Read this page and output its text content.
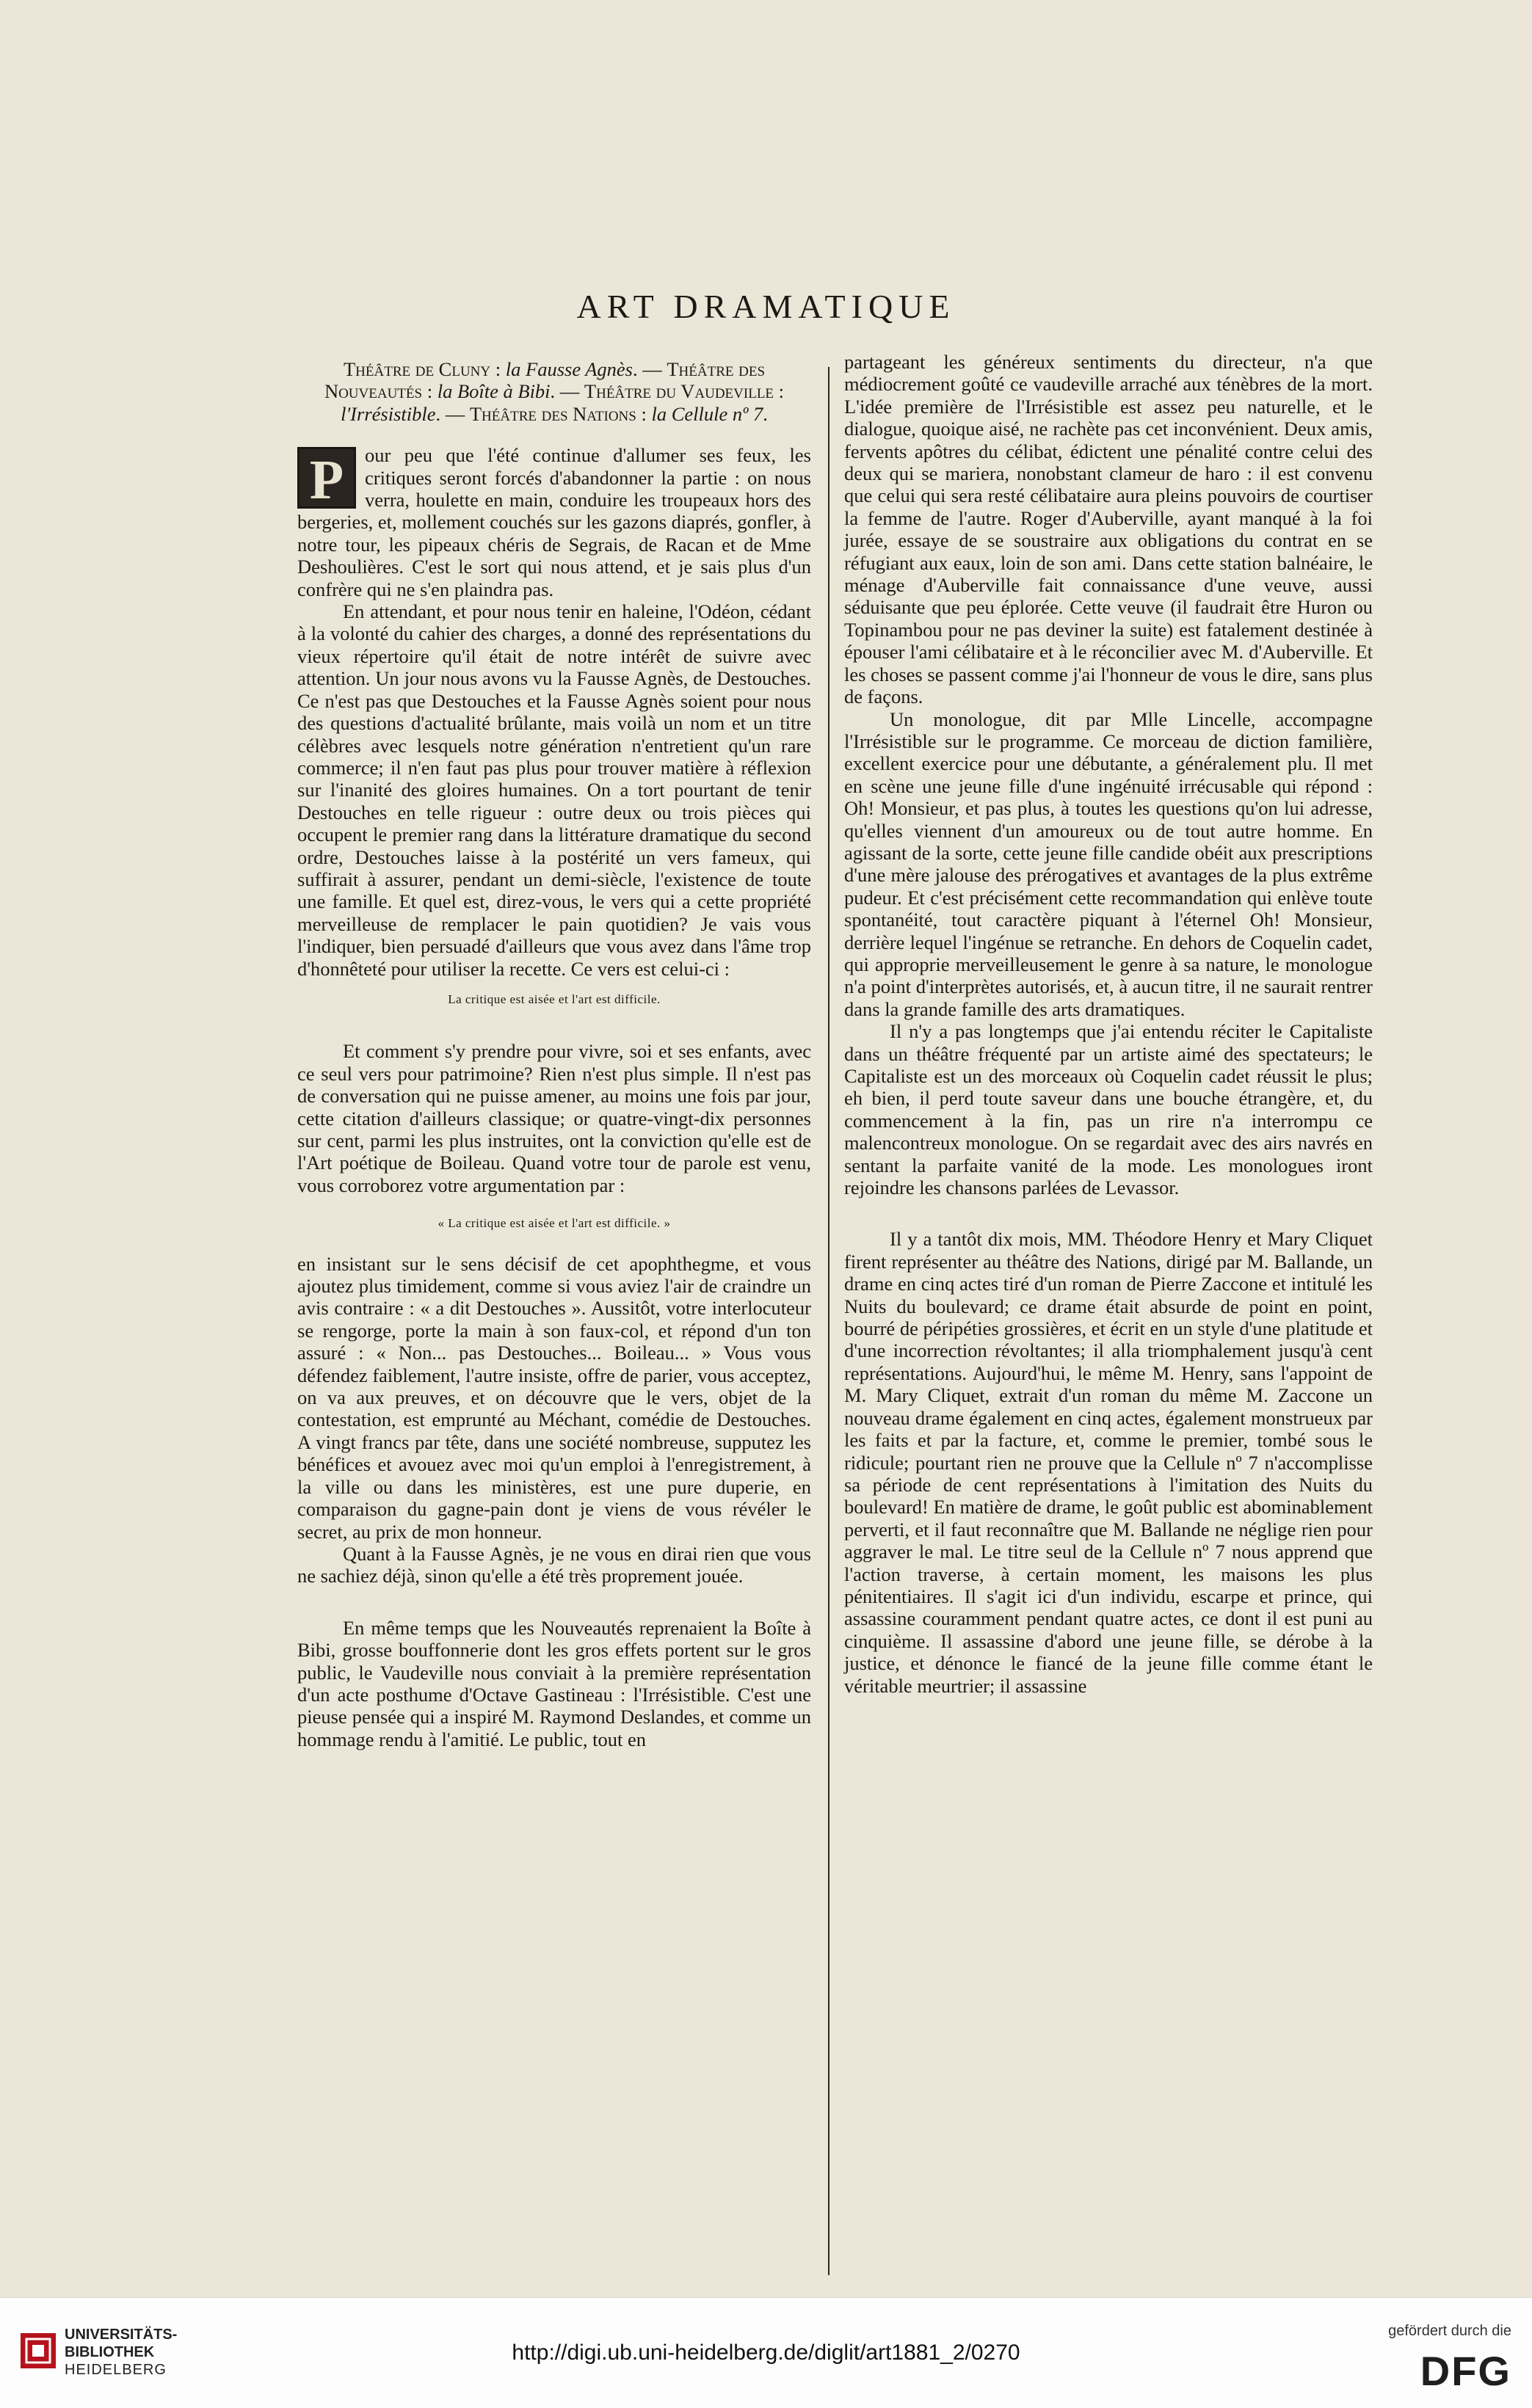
ART DRAMATIQUE

Théâtre de Cluny : la Fausse Agnès. — Théâtre des Nouveautés : la Boîte à Bibi. — Théâtre du Vaudeville : l'Irrésistible. — Théâtre des Nations : la Cellule nº 7.

P	our peu que l'été continue d'allumer ses feux, les critiques seront forcés d'abandonner la partie : on nous verra, houlette en main, conduire les troupeaux hors des bergeries, et, mollement couchés sur les gazons diaprés, gonfler, à notre tour, les pipeaux chéris de Segrais, de Racan et de Mme Deshoulières. C'est le sort qui nous attend, et je sais plus d'un confrère qui ne s'en plaindra pas.

En attendant, et pour nous tenir en haleine, l'Odéon, cédant à la volonté du cahier des charges, a donné des représentations du vieux répertoire qu'il était de notre intérêt de suivre avec attention. Un jour nous avons vu la Fausse Agnès, de Destouches. Ce n'est pas que Destouches et la Fausse Agnès soient pour nous des questions d'actualité brûlante, mais voilà un nom et un titre célèbres avec lesquels notre génération n'entretient qu'un rare commerce; il n'en faut pas plus pour trouver matière à réflexion sur l'inanité des gloires humaines. On a tort pourtant de tenir Destouches en telle rigueur : outre deux ou trois pièces qui occupent le premier rang dans la littérature dramatique du second ordre, Destouches laisse à la postérité un vers fameux, qui suffirait à assurer, pendant un demi-siècle, l'existence de toute une famille. Et quel est, direz-vous, le vers qui a cette propriété merveilleuse de remplacer le pain quotidien? Je vais vous l'indiquer, bien persuadé d'ailleurs que vous avez dans l'âme trop d'honnêteté pour utiliser la recette. Ce vers est celui-ci :

La critique est aisée et l'art est difficile.

Et comment s'y prendre pour vivre, soi et ses enfants, avec ce seul vers pour patrimoine? Rien n'est plus simple. Il n'est pas de conversation qui ne puisse amener, au moins une fois par jour, cette citation d'ailleurs classique; or quatre-vingt-dix personnes sur cent, parmi les plus instruites, ont la conviction qu'elle est de l'Art poétique de Boileau. Quand votre tour de parole est venu, vous corroborez votre argumentation par :

« La critique est aisée et l'art est difficile. »

en insistant sur le sens décisif de cet apophthegme, et vous ajoutez plus timidement, comme si vous aviez l'air de craindre un avis contraire : « a dit Destouches ». Aussitôt, votre interlocuteur se rengorge, porte la main à son faux-col, et répond d'un ton assuré : « Non... pas Destouches... Boileau... » Vous vous défendez faiblement, l'autre insiste, offre de parier, vous acceptez, on va aux preuves, et on découvre que le vers, objet de la contestation, est emprunté au Méchant, comédie de Destouches. A vingt francs par tête, dans une société nombreuse, supputez les bénéfices et avouez avec moi qu'un emploi à l'enregistrement, à la ville ou dans les ministères, est une pure duperie, en comparaison du gagne-pain dont je viens de vous révéler le secret, au prix de mon honneur.

Quant à la Fausse Agnès, je ne vous en dirai rien que vous ne sachiez déjà, sinon qu'elle a été très proprement jouée.

En même temps que les Nouveautés reprenaient la Boîte à Bibi, grosse bouffonnerie dont les gros effets portent sur le gros public, le Vaudeville nous conviait à la première représentation d'un acte posthume d'Octave Gastineau : l'Irrésistible. C'est une pieuse pensée qui a inspiré M. Raymond Deslandes, et comme un hommage rendu à l'amitié. Le public, tout en

partageant les généreux sentiments du directeur, n'a que médiocrement goûté ce vaudeville arraché aux ténèbres de la mort. L'idée première de l'Irrésistible est assez peu naturelle, et le dialogue, quoique aisé, ne rachète pas cet inconvénient. Deux amis, fervents apôtres du célibat, édictent une pénalité contre celui des deux qui se mariera, nonobstant clameur de haro : il est convenu que celui qui sera resté célibataire aura pleins pouvoirs de courtiser la femme de l'autre. Roger d'Auberville, ayant manqué à la foi jurée, essaye de se soustraire aux obligations du contrat en se réfugiant aux eaux, loin de son ami. Dans cette station balnéaire, le ménage d'Auberville fait connaissance d'une veuve, aussi séduisante que peu éplorée. Cette veuve (il faudrait être Huron ou Topinambou pour ne pas deviner la suite) est fatalement destinée à épouser l'ami célibataire et à le réconcilier avec M. d'Auberville. Et les choses se passent comme j'ai l'honneur de vous le dire, sans plus de façons.

Un monologue, dit par Mlle Lincelle, accompagne l'Irrésistible sur le programme. Ce morceau de diction familière, excellent exercice pour une débutante, a généralement plu. Il met en scène une jeune fille d'une ingénuité irrécusable qui répond : Oh! Monsieur, et pas plus, à toutes les questions qu'on lui adresse, qu'elles viennent d'un amoureux ou de tout autre homme. En agissant de la sorte, cette jeune fille candide obéit aux prescriptions d'une mère jalouse des prérogatives et avantages de la plus extrême pudeur. Et c'est précisément cette recommandation qui enlève toute spontanéité, tout caractère piquant à l'éternel Oh! Monsieur, derrière lequel l'ingénue se retranche. En dehors de Coquelin cadet, qui approprie merveilleusement le genre à sa nature, le monologue n'a point d'interprètes autorisés, et, à aucun titre, il ne saurait rentrer dans la grande famille des arts dramatiques.

Il n'y a pas longtemps que j'ai entendu réciter le Capitaliste dans un théâtre fréquenté par un artiste aimé des spectateurs; le Capitaliste est un des morceaux où Coquelin cadet réussit le plus; eh bien, il perd toute saveur dans une bouche étrangère, et, du commencement à la fin, pas un rire n'a interrompu ce malencontreux monologue. On se regardait avec des airs navrés en sentant la parfaite vanité de la mode. Les monologues iront rejoindre les chansons parlées de Levassor.

Il y a tantôt dix mois, MM. Théodore Henry et Mary Cliquet firent représenter au théâtre des Nations, dirigé par M. Ballande, un drame en cinq actes tiré d'un roman de Pierre Zaccone et intitulé les Nuits du boulevard; ce drame était absurde de point en point, bourré de péripéties grossières, et écrit en un style d'une platitude et d'une incorrection révoltantes; il alla triomphalement jusqu'à cent représentations. Aujourd'hui, le même M. Henry, sans l'appoint de M. Mary Cliquet, extrait d'un roman du même M. Zaccone un nouveau drame également en cinq actes, également monstrueux par les faits et par la facture, et, comme le premier, tombé sous le ridicule; pourtant rien ne prouve que la Cellule nº 7 n'accomplisse sa période de cent représentations à l'imitation des Nuits du boulevard! En matière de drame, le goût public est abominablement perverti, et il faut reconnaître que M. Ballande ne néglige rien pour aggraver le mal. Le titre seul de la Cellule nº 7 nous apprend que l'action traverse, à certain moment, les maisons les plus pénitentiaires. Il s'agit ici d'un individu, escarpe et prince, qui assassine couramment pendant quatre actes, ce dont il est puni au cinquième. Il assassine d'abord une jeune fille, se dérobe à la justice, et dénonce le fiancé de la jeune fille comme étant le véritable meurtrier; il assassine

UNIVERSITÄTS-
BIBLIOTHEK
HEIDELBERG
http://digi.ub.uni-heidelberg.de/diglit/art1881_2/0270
gefördert durch die
DFG
